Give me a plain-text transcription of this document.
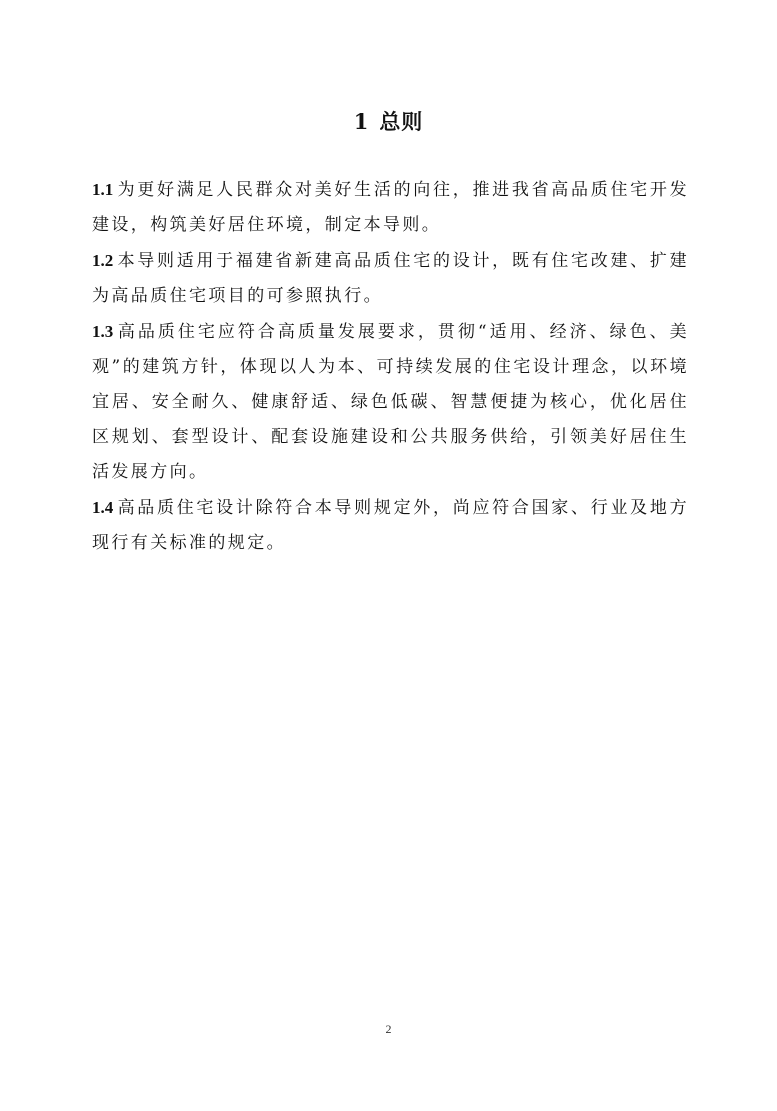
1 总则

1.1 为更好满足人民群众对美好生活的向往，推进我省高品质住宅开发建设，构筑美好居住环境，制定本导则。

1.2 本导则适用于福建省新建高品质住宅的设计，既有住宅改建、扩建为高品质住宅项目的可参照执行。

1.3 高品质住宅应符合高质量发展要求，贯彻“适用、经济、绿色、美观”的建筑方针，体现以人为本、可持续发展的住宅设计理念，以环境宜居、安全耐久、健康舒适、绿色低碳、智慧便捷为核心，优化居住区规划、套型设计、配套设施建设和公共服务供给，引领美好居住生活发展方向。

1.4 高品质住宅设计除符合本导则规定外，尚应符合国家、行业及地方现行有关标准的规定。

2
